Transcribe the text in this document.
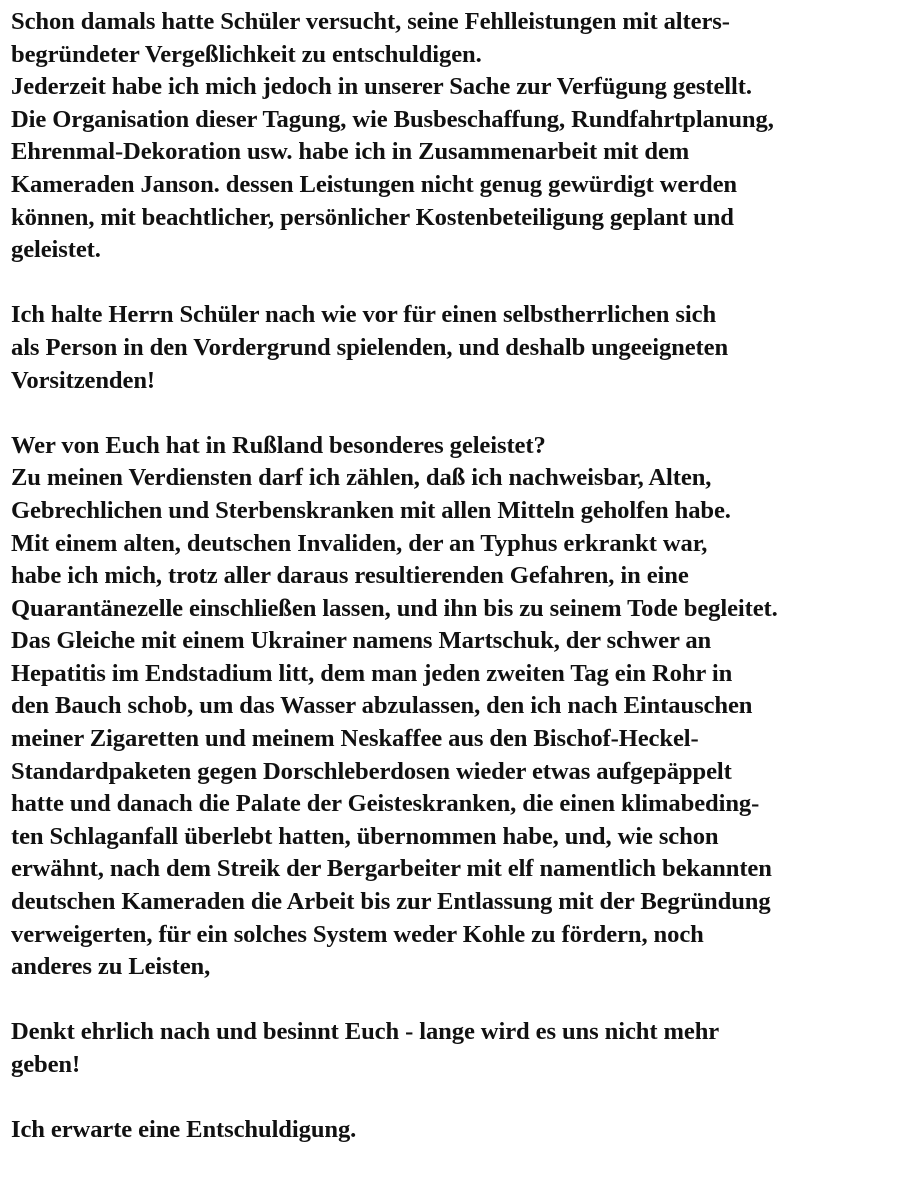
Schon damals hatte Schüler versucht, seine Fehlleistungen mit alters-
begründeter Vergeßlichkeit zu entschuldigen.
Jederzeit habe ich mich jedoch in unserer Sache zur Verfügung gestellt.
Die Organisation dieser Tagung, wie Busbeschaffung, Rundfahrtplanung,
Ehrenmal-Dekoration usw. habe ich in Zusammenarbeit mit dem
Kameraden Janson. dessen Leistungen nicht genug gewürdigt werden
können, mit beachtlicher, persönlicher Kostenbeteiligung geplant und
geleistet.
Ich halte Herrn Schüler nach wie vor für einen selbstherrlichen sich
als Person in den Vordergrund spielenden, und deshalb ungeeigneten
Vorsitzenden!
Wer von Euch hat in Rußland besonderes geleistet?
Zu meinen Verdiensten darf ich zählen, daß ich nachweisbar, Alten,
Gebrechlichen und Sterbenskranken mit allen Mitteln geholfen habe.
Mit einem alten, deutschen Invaliden, der an Typhus erkrankt war,
habe ich mich, trotz aller daraus resultierenden Gefahren, in eine
Quarantänezelle einschließen lassen, und ihn bis zu seinem Tode begleitet.
Das Gleiche mit einem Ukrainer namens Martschuk, der schwer an
Hepatitis im Endstadium litt, dem man jeden zweiten Tag ein Rohr in
den Bauch schob, um das Wasser abzulassen, den ich nach Eintauschen
meiner Zigaretten und meinem Neskaffee aus den Bischof-Heckel-
Standardpaketen gegen Dorschleberdosen wieder etwas aufgepäppelt
hatte und danach die Palate der Geisteskranken, die einen klimabeding-
ten Schlaganfall überlebt hatten, übernommen habe, und, wie schon
erwähnt, nach dem Streik der Bergarbeiter mit elf namentlich bekannten
deutschen Kameraden die Arbeit bis zur Entlassung mit der Begründung
verweigerten, für ein solches System weder Kohle zu fördern, noch
anderes zu Leisten,
Denkt ehrlich nach und besinnt Euch - lange wird es uns nicht mehr
geben!
Ich erwarte eine Entschuldigung.
